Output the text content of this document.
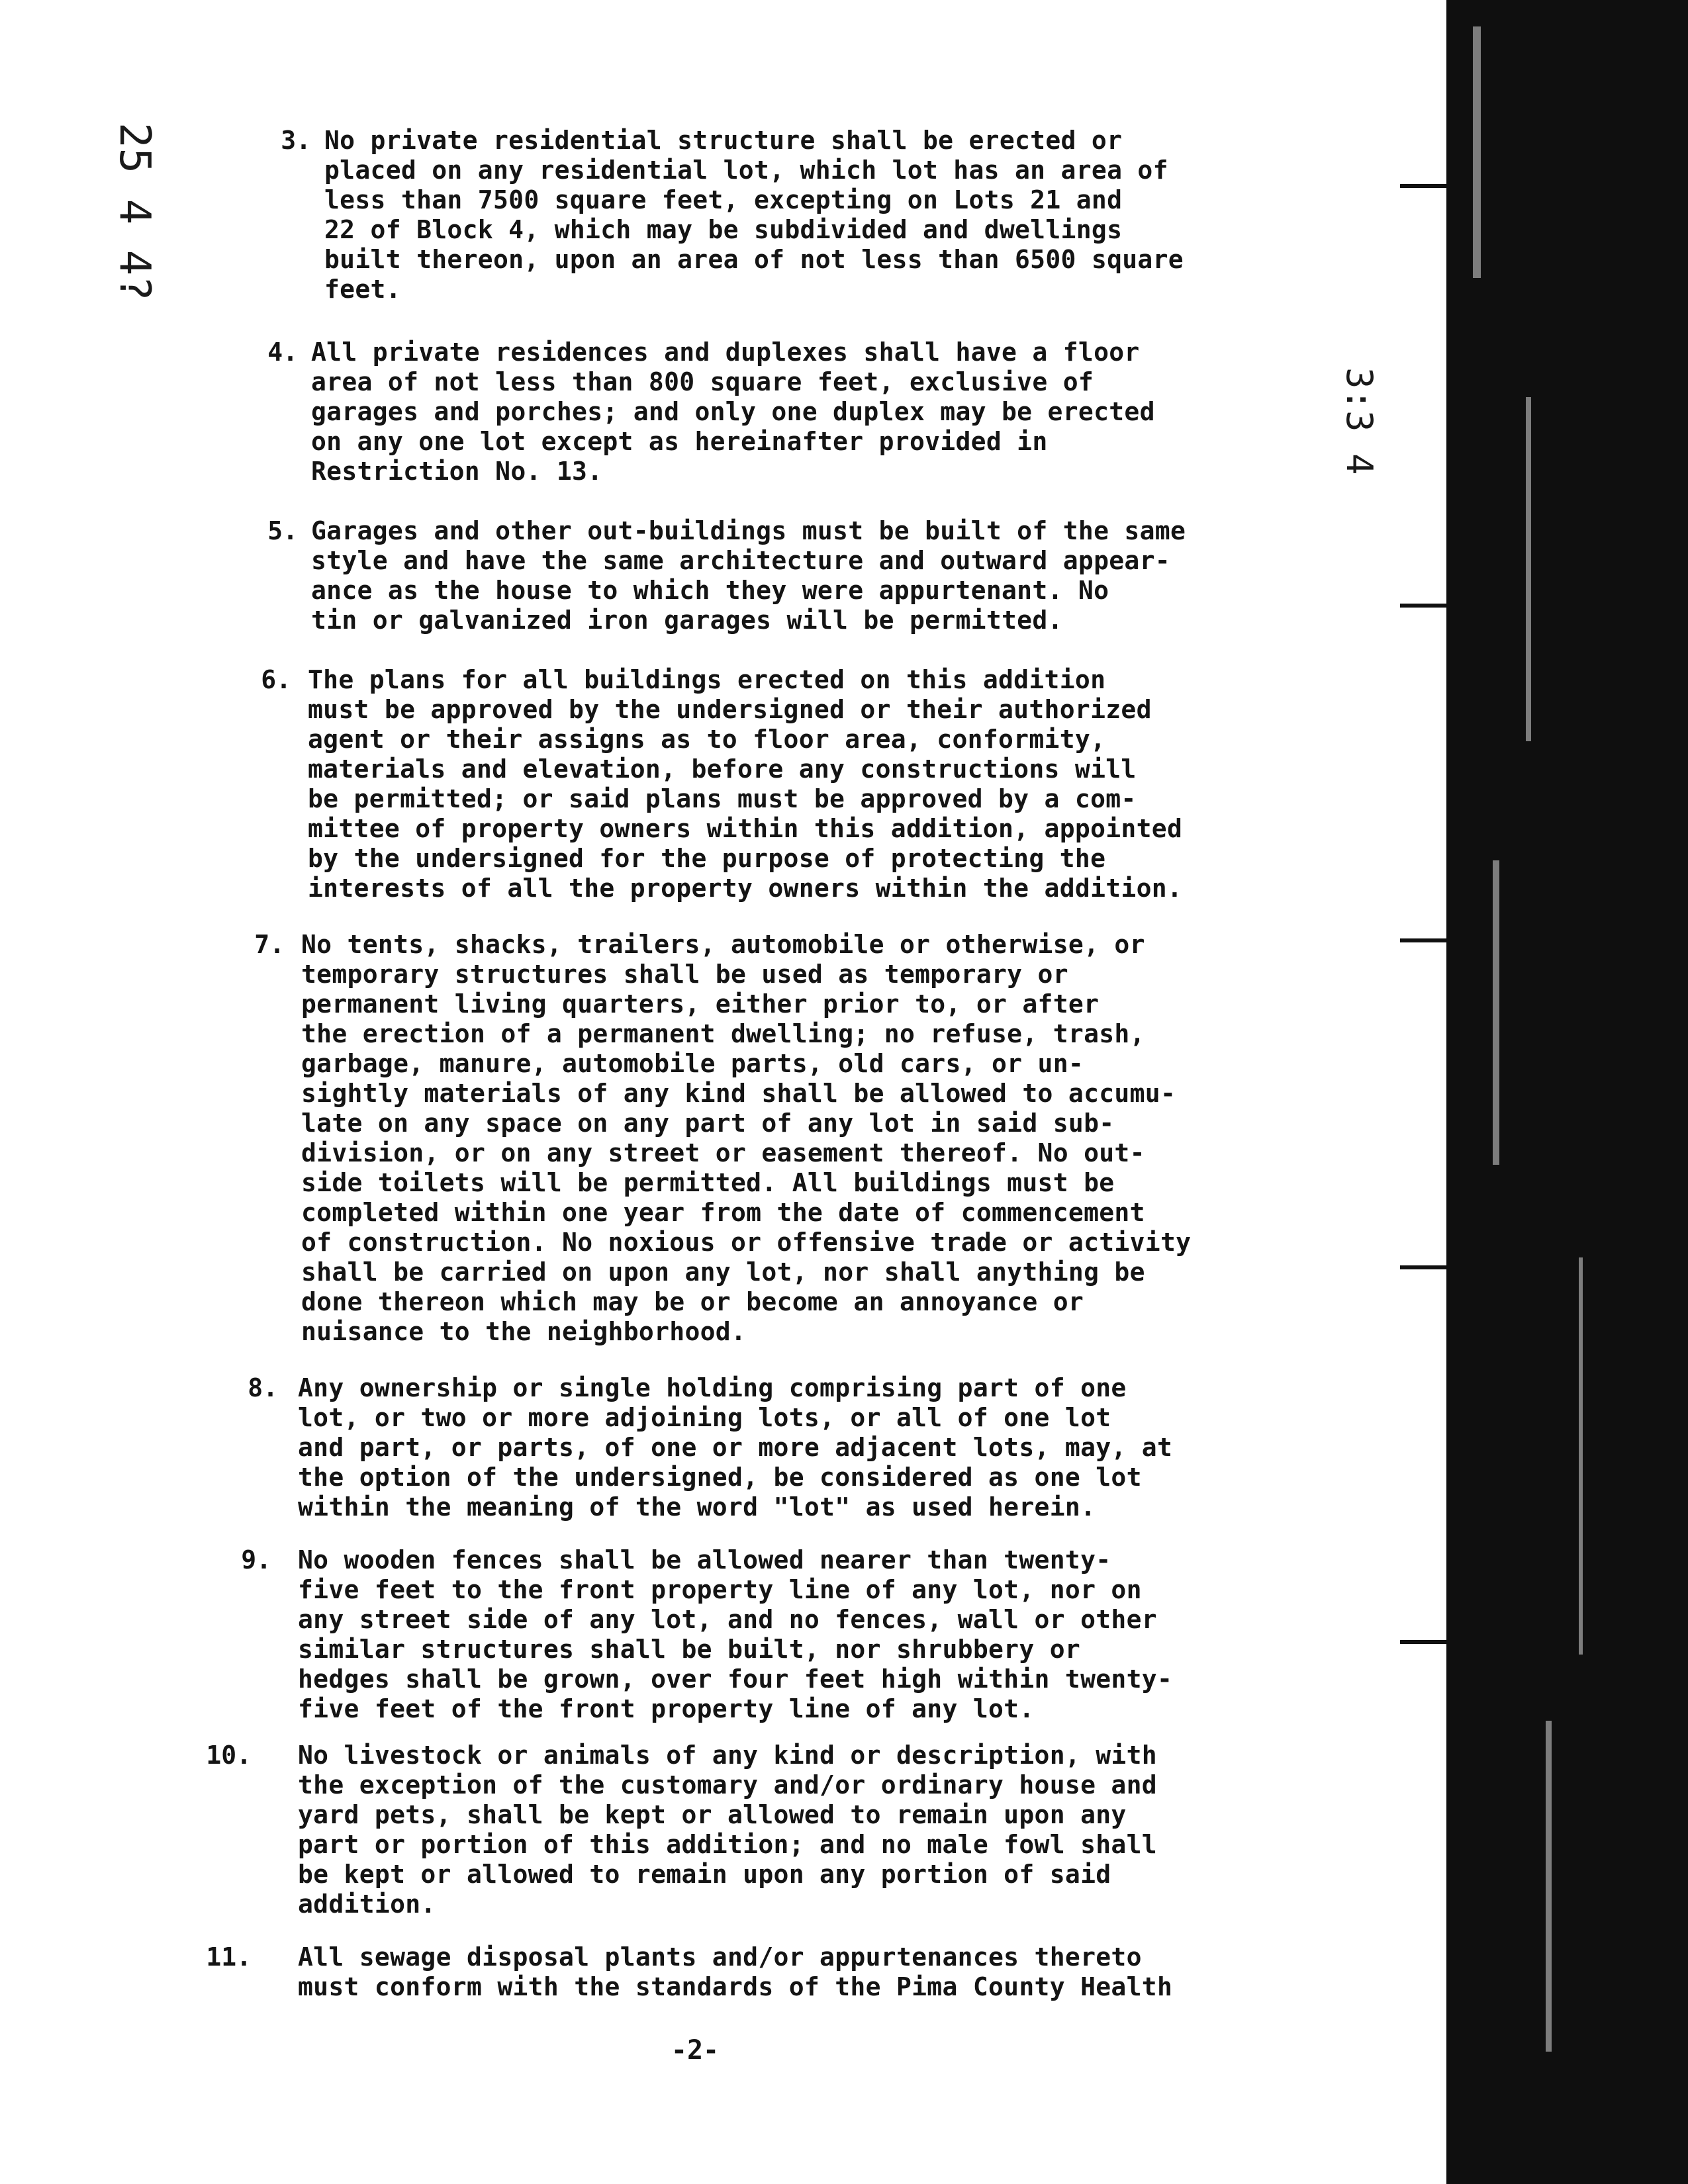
25 4 4?
3:3 4
3. No private residential structure shall be erected or
placed on any residential lot, which lot has an area of
less than 7500 square feet, excepting on Lots 21 and
22 of Block 4, which may be subdivided and dwellings
built thereon, upon an area of not less than 6500 square
feet.

4. All private residences and duplexes shall have a floor
area of not less than 800 square feet, exclusive of
garages and porches; and only one duplex may be erected
on any one lot except as hereinafter provided in
Restriction No. 13.

5. Garages and other out-buildings must be built of the same
style and have the same architecture and outward appear-
ance as the house to which they were appurtenant. No
tin or galvanized iron garages will be permitted.

6. The plans for all buildings erected on this addition
must be approved by the undersigned or their authorized
agent or their assigns as to floor area, conformity,
materials and elevation, before any constructions will
be permitted; or said plans must be approved by a com-
mittee of property owners within this addition, appointed
by the undersigned for the purpose of protecting the
interests of all the property owners within the addition.

7. No tents, shacks, trailers, automobile or otherwise, or
temporary structures shall be used as temporary or
permanent living quarters, either prior to, or after
the erection of a permanent dwelling; no refuse, trash,
garbage, manure, automobile parts, old cars, or un-
sightly materials of any kind shall be allowed to accumu-
late on any space on any part of any lot in said sub-
division, or on any street or easement thereof. No out-
side toilets will be permitted. All buildings must be
completed within one year from the date of commencement
of construction. No noxious or offensive trade or activity
shall be carried on upon any lot, nor shall anything be
done thereon which may be or become an annoyance or
nuisance to the neighborhood.

8. Any ownership or single holding comprising part of one
lot, or two or more adjoining lots, or all of one lot
and part, or parts, of one or more adjacent lots, may, at
the option of the undersigned, be considered as one lot
within the meaning of the word "lot" as used herein.

9. No wooden fences shall be allowed nearer than twenty-
five feet to the front property line of any lot, nor on
any street side of any lot, and no fences, wall or other
similar structures shall be built, nor shrubbery or
hedges shall be grown, over four feet high within twenty-
five feet of the front property line of any lot.

10. No livestock or animals of any kind or description, with
the exception of the customary and/or ordinary house and
yard pets, shall be kept or allowed to remain upon any
part or portion of this addition; and no male fowl shall
be kept or allowed to remain upon any portion of said
addition.

11. All sewage disposal plants and/or appurtenances thereto
must conform with the standards of the Pima County Health

-2-
